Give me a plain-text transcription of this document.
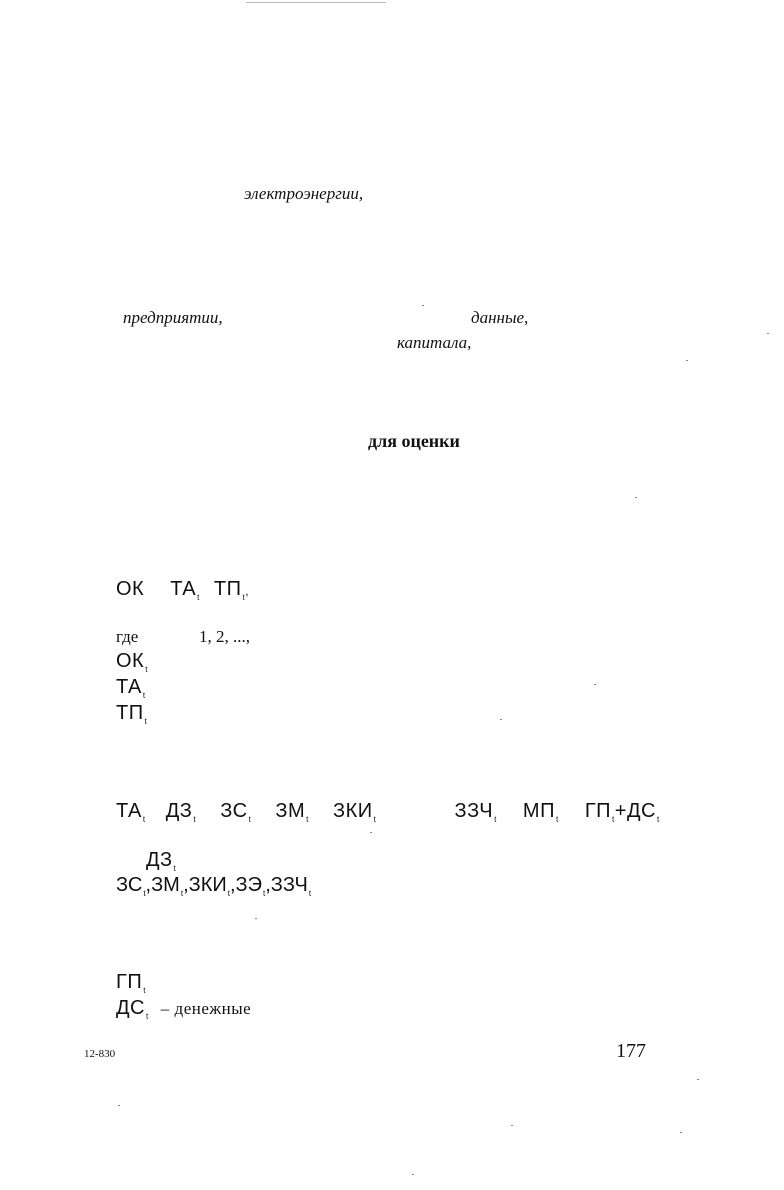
электроэнергии,
предприятии,	данные,
капитала,
для оценки
ОК $ТА_t$ $ТП_t$,
где	1, 2, ...,
$ОК_t$
$ТА_t$
$ТП_t$
$ТА_t$ $ДЗ_t$ $ЗС_t$ $ЗМ_t$ $ЗКИ_t$	$ЗЗЧ_t$ $МП_t$ $ГП_t+ДС_t$
$ДЗ_t$
$ЗС_t,ЗМ_t,ЗКИ_t,ЗЭ_t,ЗЗЧ_t$
$ГП_t$
$ДС_t$ – денежные
12-830	177
